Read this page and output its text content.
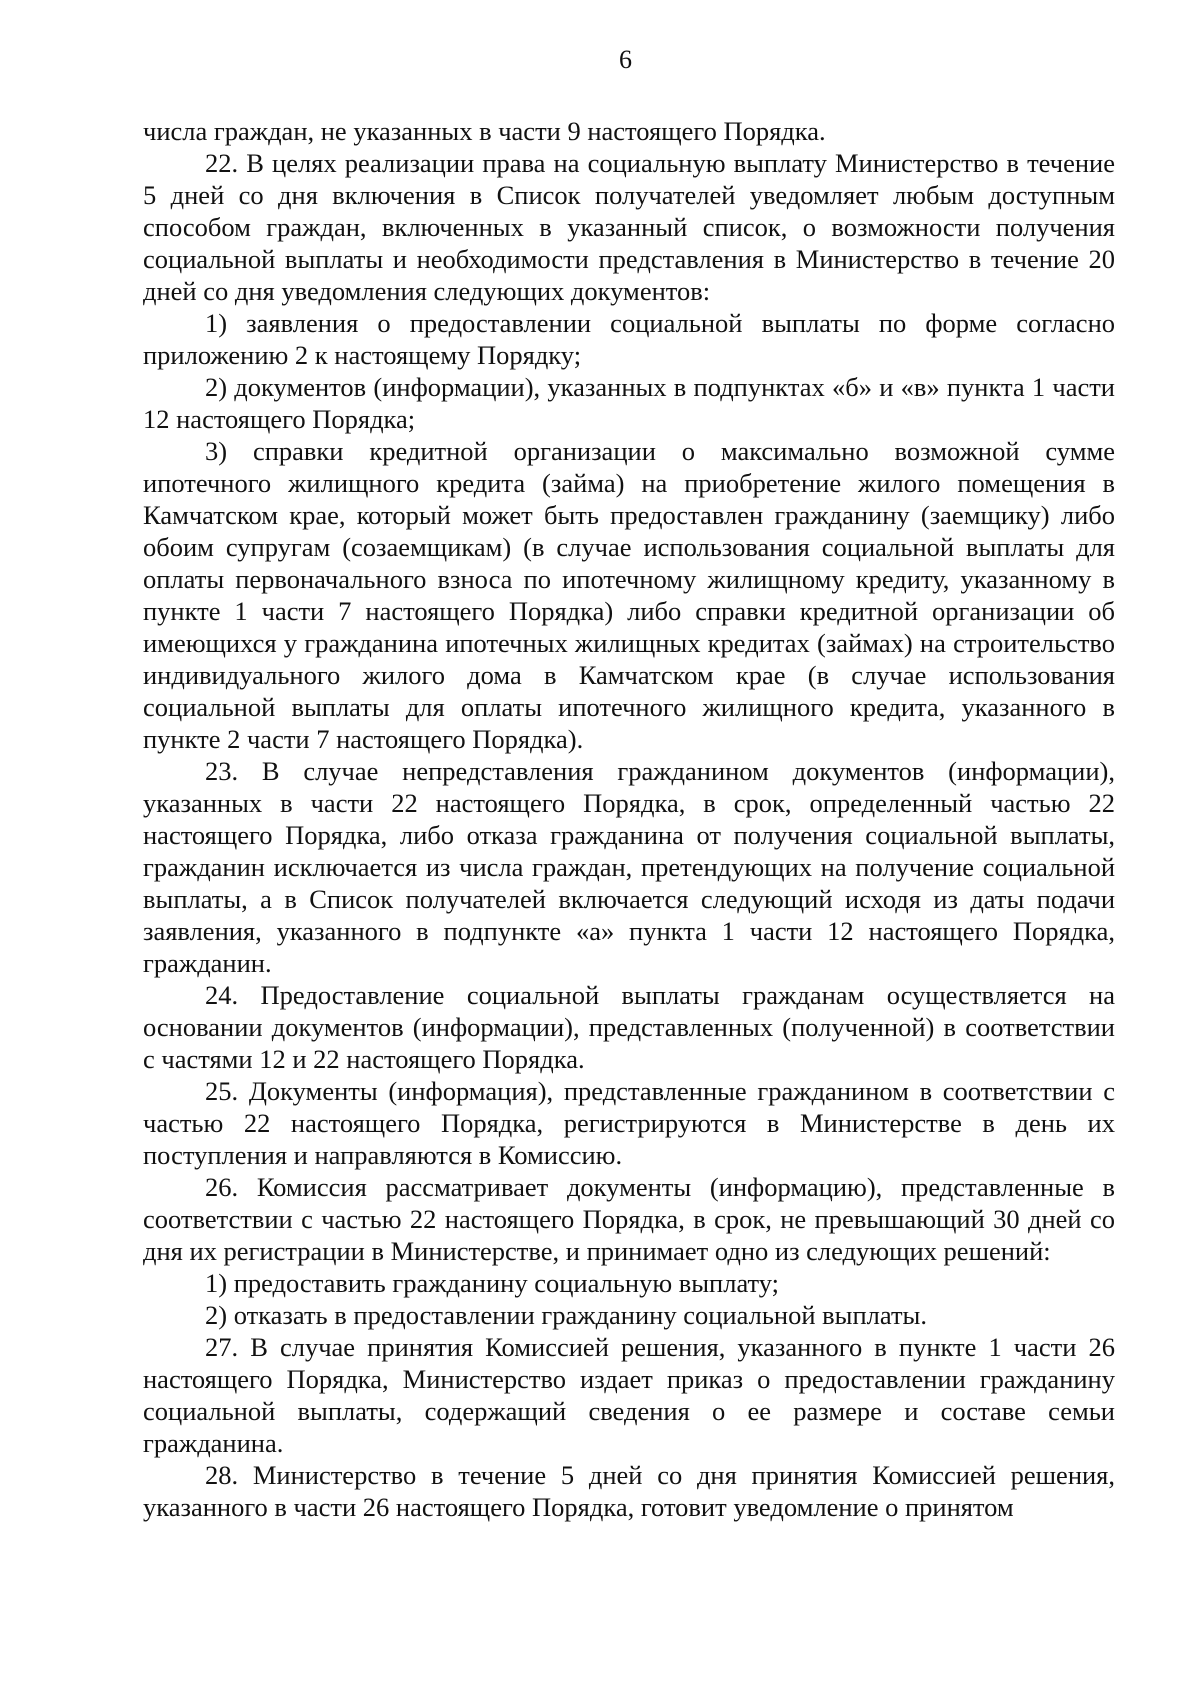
6

числа граждан, не указанных в части 9 настоящего Порядка.

22. В целях реализации права на социальную выплату Министерство в течение 5 дней со дня включения в Список получателей уведомляет любым доступным способом граждан, включенных в указанный список, о возможности получения социальной выплаты и необходимости представления в Министерство в течение 20 дней со дня уведомления следующих документов:

1) заявления о предоставлении социальной выплаты по форме согласно приложению 2 к настоящему Порядку;

2) документов (информации), указанных в подпунктах «б» и «в» пункта 1 части 12 настоящего Порядка;

3) справки кредитной организации о максимально возможной сумме ипотечного жилищного кредита (займа) на приобретение жилого помещения в Камчатском крае, который может быть предоставлен гражданину (заемщику) либо обоим супругам (созаемщикам) (в случае использования социальной выплаты для оплаты первоначального взноса по ипотечному жилищному кредиту, указанному в пункте 1 части 7 настоящего Порядка) либо справки кредитной организации об имеющихся у гражданина ипотечных жилищных кредитах (займах) на строительство индивидуального жилого дома в Камчатском крае (в случае использования социальной выплаты для оплаты ипотечного жилищного кредита, указанного в пункте 2 части 7 настоящего Порядка).

23. В случае непредставления гражданином документов (информации), указанных в части 22 настоящего Порядка, в срок, определенный частью 22 настоящего Порядка, либо отказа гражданина от получения социальной выплаты, гражданин исключается из числа граждан, претендующих на получение социальной выплаты, а в Список получателей включается следующий исходя из даты подачи заявления, указанного в подпункте «а» пункта 1 части 12 настоящего Порядка, гражданин.

24. Предоставление социальной выплаты гражданам осуществляется на основании документов (информации), представленных (полученной) в соответствии с частями 12 и 22 настоящего Порядка.

25. Документы (информация), представленные гражданином в соответствии с частью 22 настоящего Порядка, регистрируются в Министерстве в день их поступления и направляются в Комиссию.

26. Комиссия рассматривает документы (информацию), представленные в соответствии с частью 22 настоящего Порядка, в срок, не превышающий 30 дней со дня их регистрации в Министерстве, и принимает одно из следующих решений:

1) предоставить гражданину социальную выплату;

2) отказать в предоставлении гражданину социальной выплаты.

27. В случае принятия Комиссией решения, указанного в пункте 1 части 26 настоящего Порядка, Министерство издает приказ о предоставлении гражданину социальной выплаты, содержащий сведения о ее размере и составе семьи гражданина.

28. Министерство в течение 5 дней со дня принятия Комиссией решения, указанного в части 26 настоящего Порядка, готовит уведомление о принятом
